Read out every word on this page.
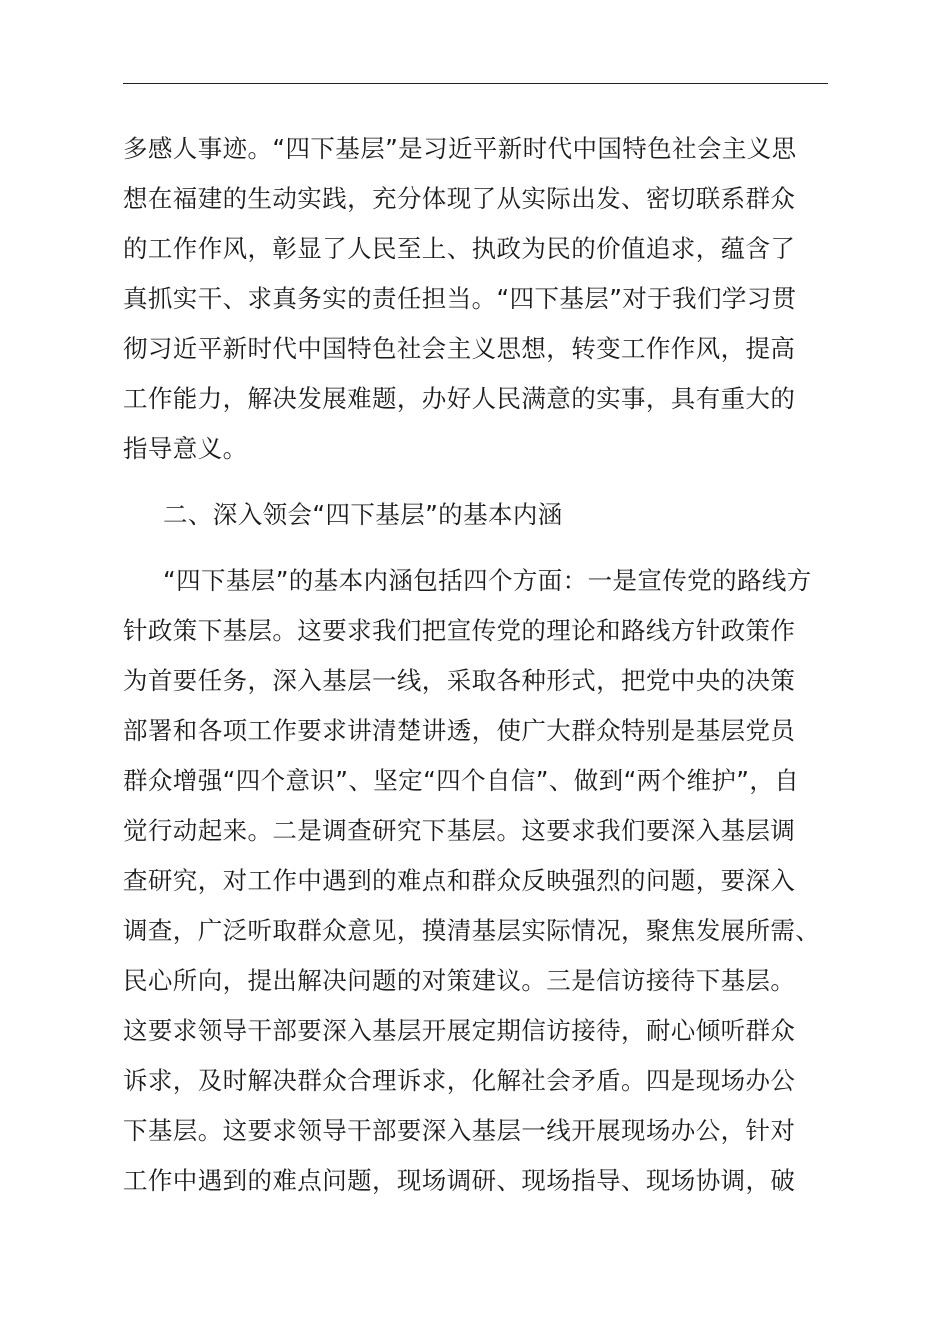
多感人事迹。“四下基层”是习近平新时代中国特色社会主义思
想在福建的生动实践，充分体现了从实际出发、密切联系群众
的工作作风，彰显了人民至上、执政为民的价值追求，蕴含了
真抓实干、求真务实的责任担当。“四下基层”对于我们学习贯
彻习近平新时代中国特色社会主义思想，转变工作作风，提高
工作能力，解决发展难题，办好人民满意的实事，具有重大的
指导意义。
二、深入领会“四下基层”的基本内涵
“四下基层”的基本内涵包括四个方面：一是宣传党的路线方
针政策下基层。这要求我们把宣传党的理论和路线方针政策作
为首要任务，深入基层一线，采取各种形式，把党中央的决策
部署和各项工作要求讲清楚讲透，使广大群众特别是基层党员
群众增强“四个意识”、坚定“四个自信”、做到“两个维护”，自
觉行动起来。二是调查研究下基层。这要求我们要深入基层调
查研究，对工作中遇到的难点和群众反映强烈的问题，要深入
调查，广泛听取群众意见，摸清基层实际情况，聚焦发展所需、
民心所向，提出解决问题的对策建议。三是信访接待下基层。
这要求领导干部要深入基层开展定期信访接待，耐心倾听群众
诉求，及时解决群众合理诉求，化解社会矛盾。四是现场办公
下基层。这要求领导干部要深入基层一线开展现场办公，针对
工作中遇到的难点问题，现场调研、现场指导、现场协调，破
